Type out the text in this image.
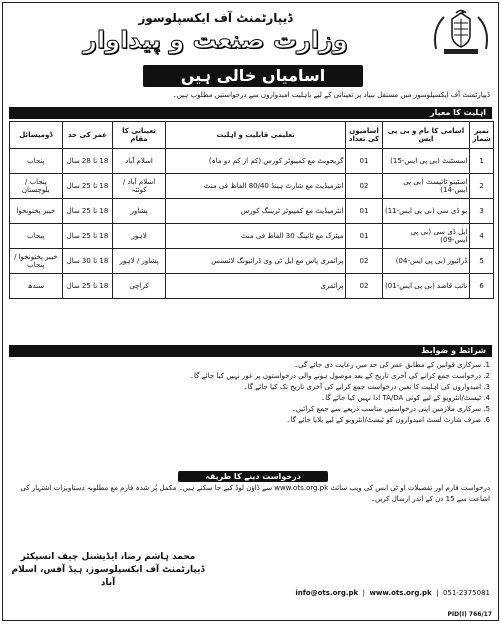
ڈیپارٹمنٹ آف ایکسپلوسوز
وزارت صنعت و پیداوار
اسامیاں خالی ہیں
ڈیپارٹمنٹ آف ایکسپلوسوز میں مستقل بنیاد پر تعیناتی کے لیے باہلیت امیدواروں سے درخواستیں مطلوب ہیں۔
اہلیت کا معیار
نمبر شمار	اسامی کا نام و بی پی ایس	اسامیوں کی تعداد	تعلیمی قابلیت و اہلیت	تعیناتی کا مقام	عمر کی حد	ڈومیسائل
1	اسسٹنٹ (بی پی ایس-15)	01	گریجویٹ مع کمپیوٹر کورس (کم از کم دو ماہ)	اسلام آباد	18 تا 28 سال	پنجاب
2	اسٹینو ٹائپسٹ (بی پی ایس-14)	02	انٹرمیڈیٹ مع شارٹ ہینڈ 80/40 الفاظ فی منٹ	اسلام آباد / کوئٹہ	18 تا 25 سال	پنجاب / بلوچستان
3	یو ڈی سی (بی پی ایس-11)	01	انٹرمیڈیٹ مع کمپیوٹر ٹریننگ کورس	پشاور	18 تا 25 سال	خیبر پختونخوا
4	ایل ڈی سی (بی پی ایس-09)	01	میٹرک مع ٹائپنگ 30 الفاظ فی منٹ	لاہور	18 تا 25 سال	پنجاب
5	ڈرائیور (بی پی ایس-04)	02	پرائمری پاس مع ایل ٹی وی ڈرائیونگ لائسنس	پشاور / لاہور	18 تا 30 سال	خیبر پختونخوا / پنجاب
6	نائب قاصد (بی پی ایس-01)	02	پرائمری	کراچی	18 تا 25 سال	سندھ
شرائط و ضوابط
1. سرکاری قوانین کے مطابق عمر کی حد میں رعایت دی جائے گی۔
2. درخواست جمع کرانے کی آخری تاریخ کے بعد موصول ہونے والی درخواستوں پر غور نہیں کیا جائے گا۔
3. امیدواروں کی اہلیت کا تعین درخواست جمع کرانے کی آخری تاریخ تک کیا جائے گا۔
4. ٹیسٹ/انٹرویو کے لیے کوئی TA/DA ادا نہیں کیا جائے گا۔
5. سرکاری ملازمین اپنی درخواستیں مناسب ذریعے سے جمع کرائیں۔
6. صرف شارٹ لسٹ امیدواروں کو ٹیسٹ/انٹرویو کے لیے بلایا جائے گا۔
درخواست دینے کا طریقہ
درخواست فارم اور تفصیلات او ٹی ایس کی ویب سائٹ www.ots.org.pk سے ڈاؤن لوڈ کیے جا سکتے ہیں۔ مکمل پُر شدہ فارم مع مطلوبہ دستاویزات اشتہار کی اشاعت سے 15 دن کے اندر ارسال کریں۔
محمد ہاشم رضا، ایڈیشنل چیف انسپکٹر
ڈیپارٹمنٹ آف ایکسپلوسوز، ہیڈ آفس، اسلام آباد
051-2375081  |  info@ots.org.pk  |  www.ots.org.pk
PID(I) 766/17
